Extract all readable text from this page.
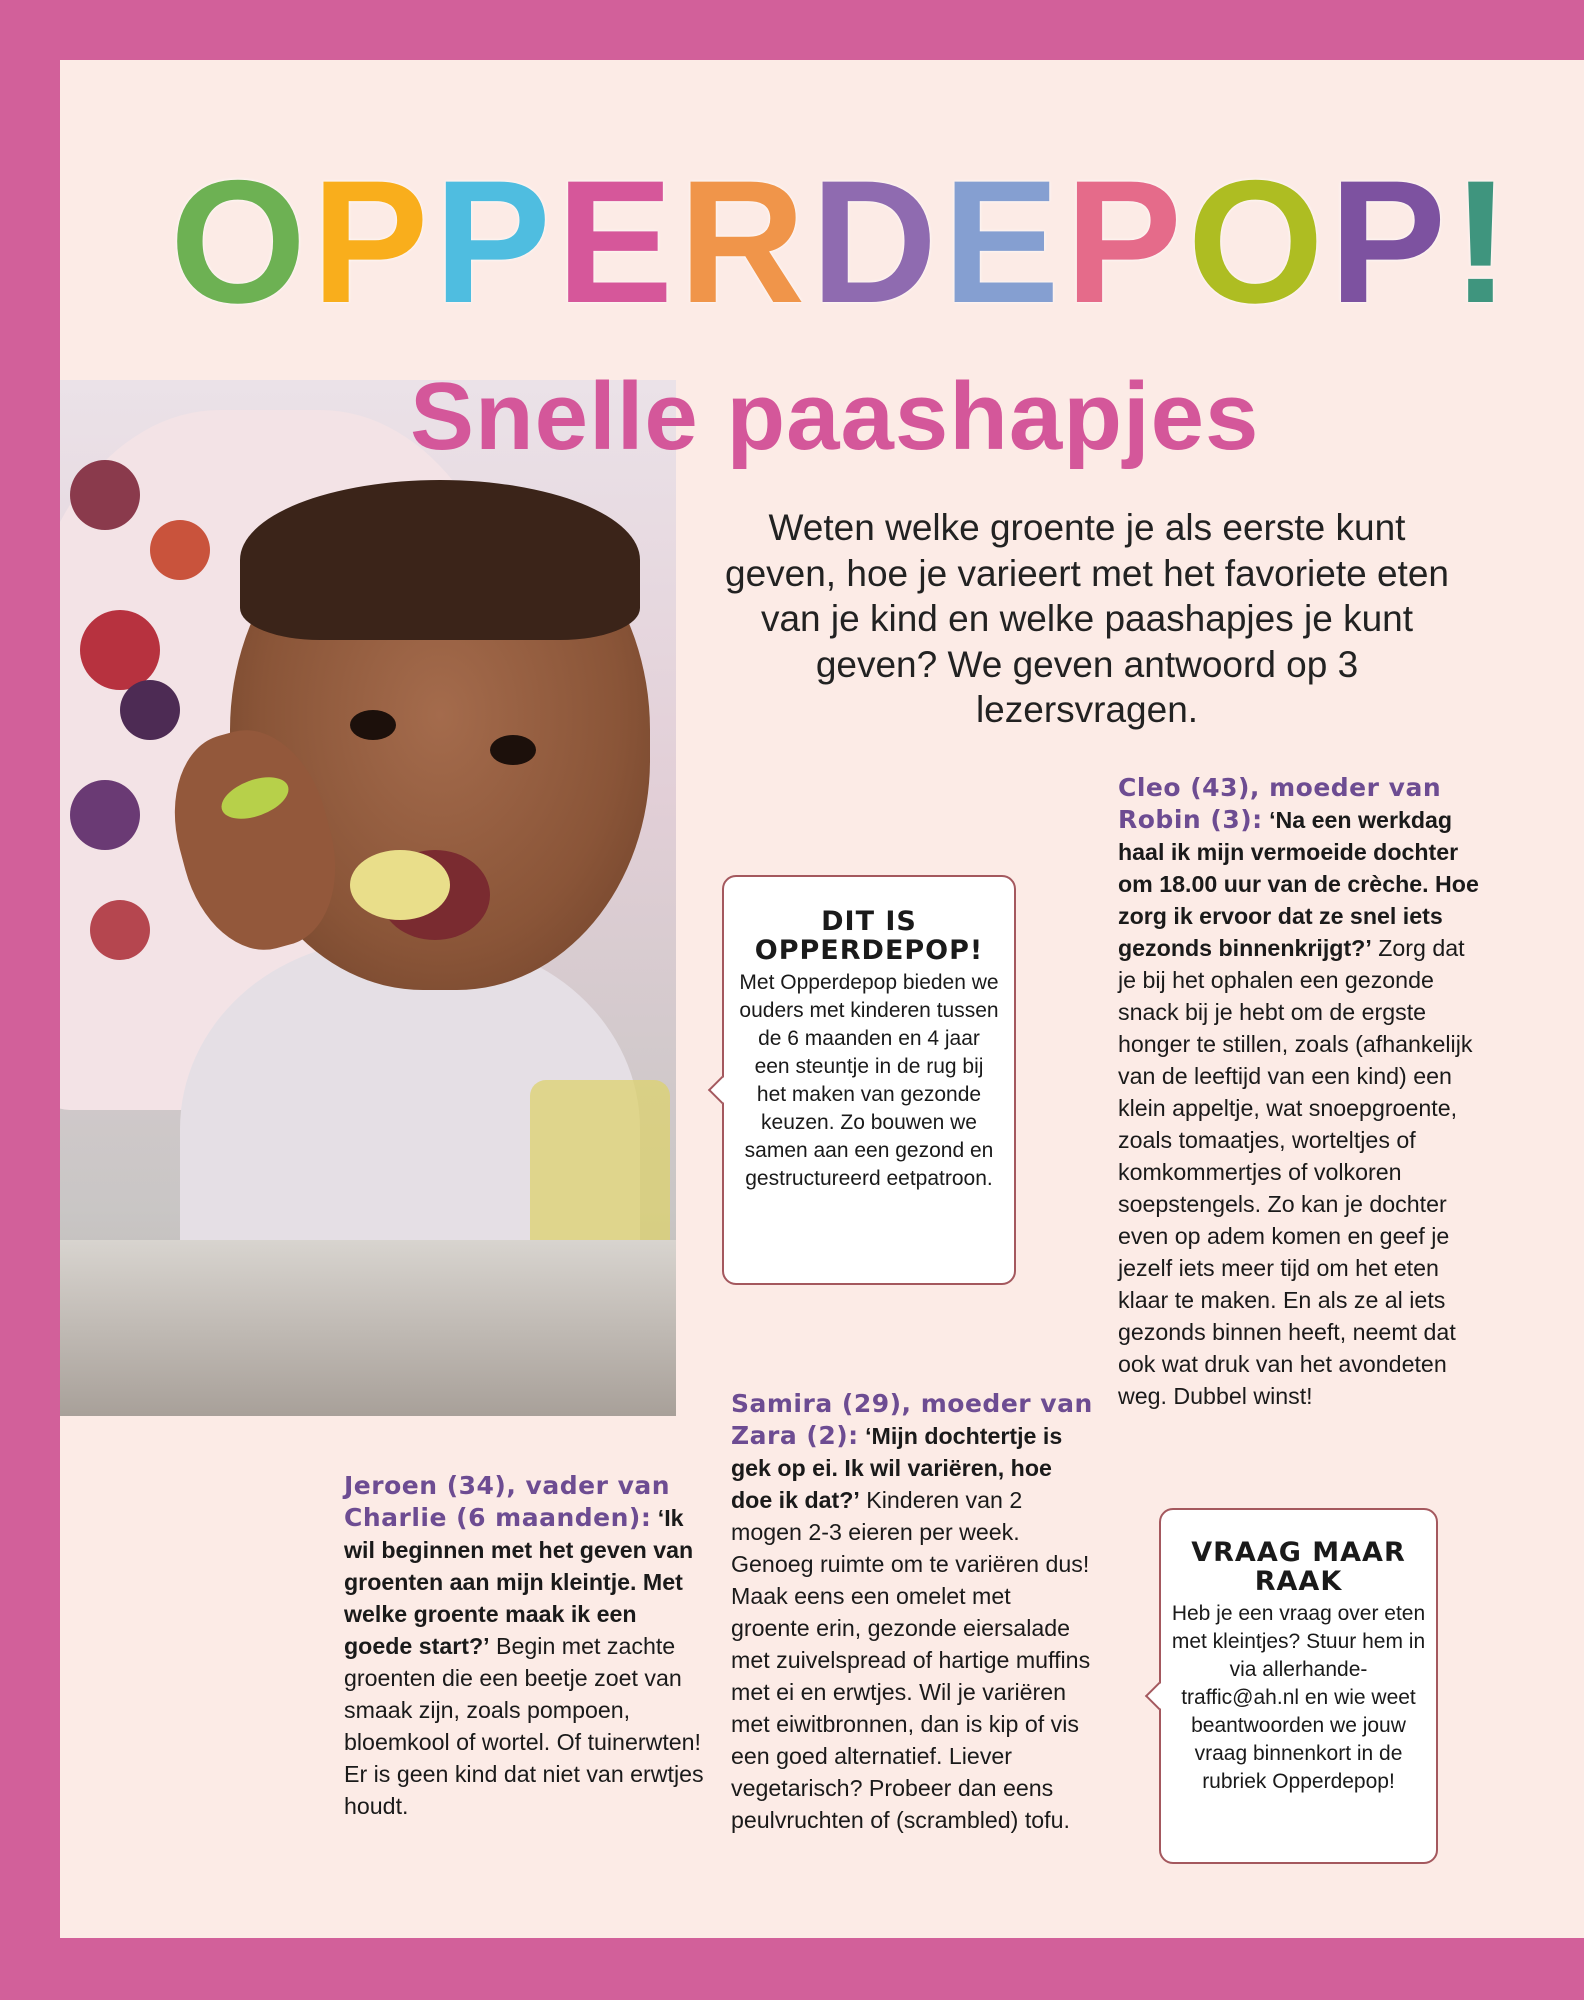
O P P E R D E P O P !
Snelle paashapjes
Weten welke groente je als eerste kunt geven, hoe je varieert met het favoriete eten van je kind en welke paashapjes je kunt geven? We geven antwoord op 3 lezersvragen.
DIT IS OPPERDEPOP!

Met Opperdepop bieden we ouders met kinderen tussen de 6 maanden en 4 jaar een steuntje in de rug bij het maken van gezonde keuzen. Zo bouwen we samen aan een gezond en gestructureerd eetpatroon.

Cleo (43), moeder van Robin (3): ‘Na een werkdag haal ik mijn vermoeide dochter om 18.00 uur van de crèche. Hoe zorg ik ervoor dat ze snel iets gezonds binnenkrijgt?’ Zorg dat je bij het ophalen een gezonde snack bij je hebt om de ergste honger te stillen, zoals (afhankelijk van de leeftijd van een kind) een klein appeltje, wat snoepgroente, zoals tomaatjes, worteltjes of komkommertjes of volkoren soepstengels. Zo kan je dochter even op adem komen en geef je jezelf iets meer tijd om het eten klaar te maken. En als ze al iets gezonds binnen heeft, neemt dat ook wat druk van het avondeten weg. Dubbel winst!
Samira (29), moeder van Zara (2): ‘Mijn dochtertje is gek op ei. Ik wil variëren, hoe doe ik dat?’ Kinderen van 2 mogen 2-3 eieren per week. Genoeg ruimte om te variëren dus! Maak eens een omelet met groente erin, gezonde eiersalade met zuivelspread of hartige muffins met ei en erwtjes. Wil je variëren met eiwitbronnen, dan is kip of vis een goed alternatief. Liever vegetarisch? Probeer dan eens peulvruchten of (scrambled) tofu.
Jeroen (34), vader van Charlie (6 maanden): ‘Ik wil beginnen met het geven van groenten aan mijn kleintje. Met welke groente maak ik een goede start?’ Begin met zachte groenten die een beetje zoet van smaak zijn, zoals pompoen, bloemkool of wortel. Of tuinerwten! Er is geen kind dat niet van erwtjes houdt.
VRAAG MAAR RAAK

Heb je een vraag over eten met kleintjes? Stuur hem in via allerhande-traffic@ah.nl en wie weet beantwoorden we jouw vraag binnenkort in de rubriek Opperdepop!
